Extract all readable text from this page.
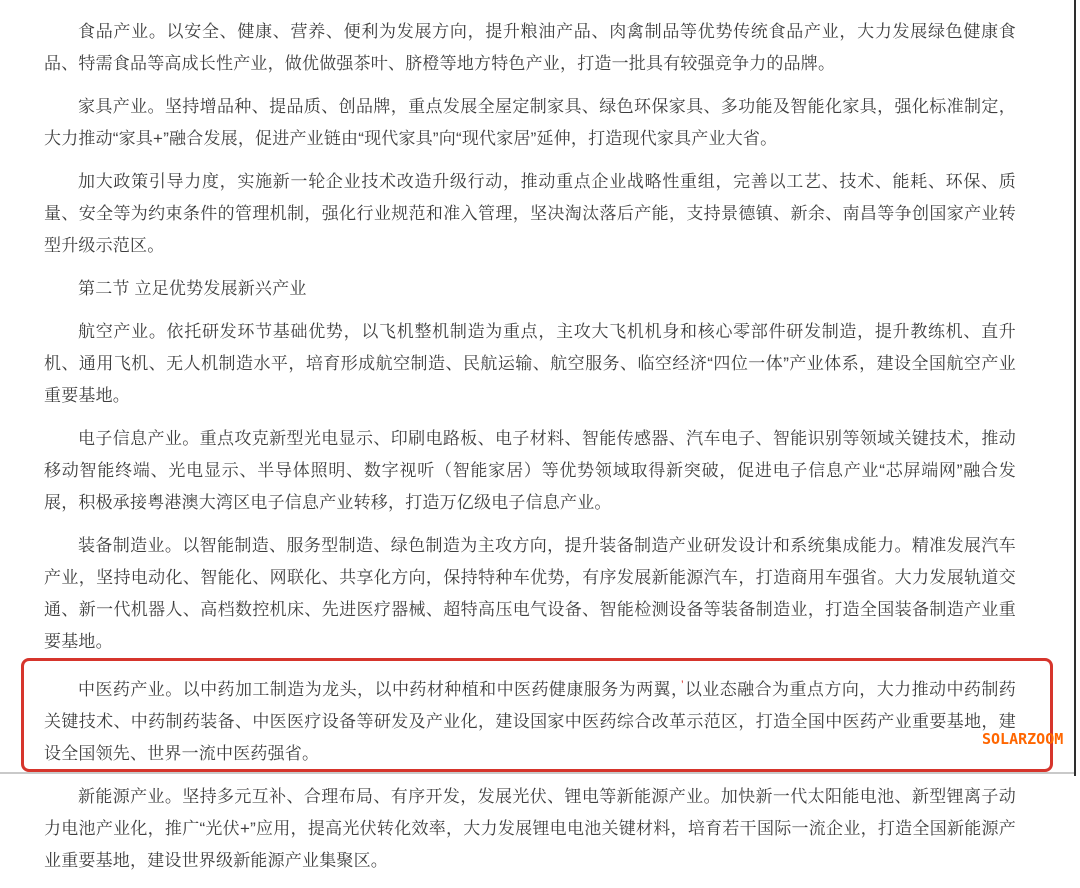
食品产业。以安全、健康、营养、便利为发展方向，提升粮油产品、肉禽制品等优势传统食品产业，大力发展绿色健康食品、特需食品等高成长性产业，做优做强茶叶、脐橙等地方特色产业，打造一批具有较强竞争力的品牌。

家具产业。坚持增品种、提品质、创品牌，重点发展全屋定制家具、绿色环保家具、多功能及智能化家具，强化标准制定，大力推动“家具+”融合发展，促进产业链由“现代家具”向“现代家居”延伸，打造现代家具产业大省。

加大政策引导力度，实施新一轮企业技术改造升级行动，推动重点企业战略性重组，完善以工艺、技术、能耗、环保、质量、安全等为约束条件的管理机制，强化行业规范和准入管理，坚决淘汰落后产能，支持景德镇、新余、南昌等争创国家产业转型升级示范区。

第二节 立足优势发展新兴产业

航空产业。依托研发环节基础优势，以飞机整机制造为重点，主攻大飞机机身和核心零部件研发制造，提升教练机、直升机、通用飞机、无人机制造水平，培育形成航空制造、民航运输、航空服务、临空经济“四位一体”产业体系，建设全国航空产业重要基地。

电子信息产业。重点攻克新型光电显示、印刷电路板、电子材料、智能传感器、汽车电子、智能识别等领域关键技术，推动移动智能终端、光电显示、半导体照明、数字视听（智能家居）等优势领域取得新突破，促进电子信息产业“芯屏端网”融合发展，积极承接粤港澳大湾区电子信息产业转移，打造万亿级电子信息产业。

装备制造业。以智能制造、服务型制造、绿色制造为主攻方向，提升装备制造产业研发设计和系统集成能力。精准发展汽车产业，坚持电动化、智能化、网联化、共享化方向，保持特种车优势，有序发展新能源汽车，打造商用车强省。大力发展轨道交通、新一代机器人、高档数控机床、先进医疗器械、超特高压电气设备、智能检测设备等装备制造业，打造全国装备制造产业重要基地。

中医药产业。以中药加工制造为龙头，以中药材种植和中医药健康服务为两翼，’以业态融合为重点方向，大力推动中药制药关键技术、中药制药装备、中医医疗设备等研发及产业化，建设国家中医药综合改革示范区，打造全国中医药产业重要基地，建设全国领先、世界一流中医药强省。

新能源产业。坚持多元互补、合理布局、有序开发，发展光伏、锂电等新能源产业。加快新一代太阳能电池、新型锂离子动力电池产业化，推广“光伏+”应用，提高光伏转化效率，大力发展锂电电池关键材料，培育若干国际一流企业，打造全国新能源产业重要基地，建设世界级新能源产业集聚区。

SOLARZOOM
